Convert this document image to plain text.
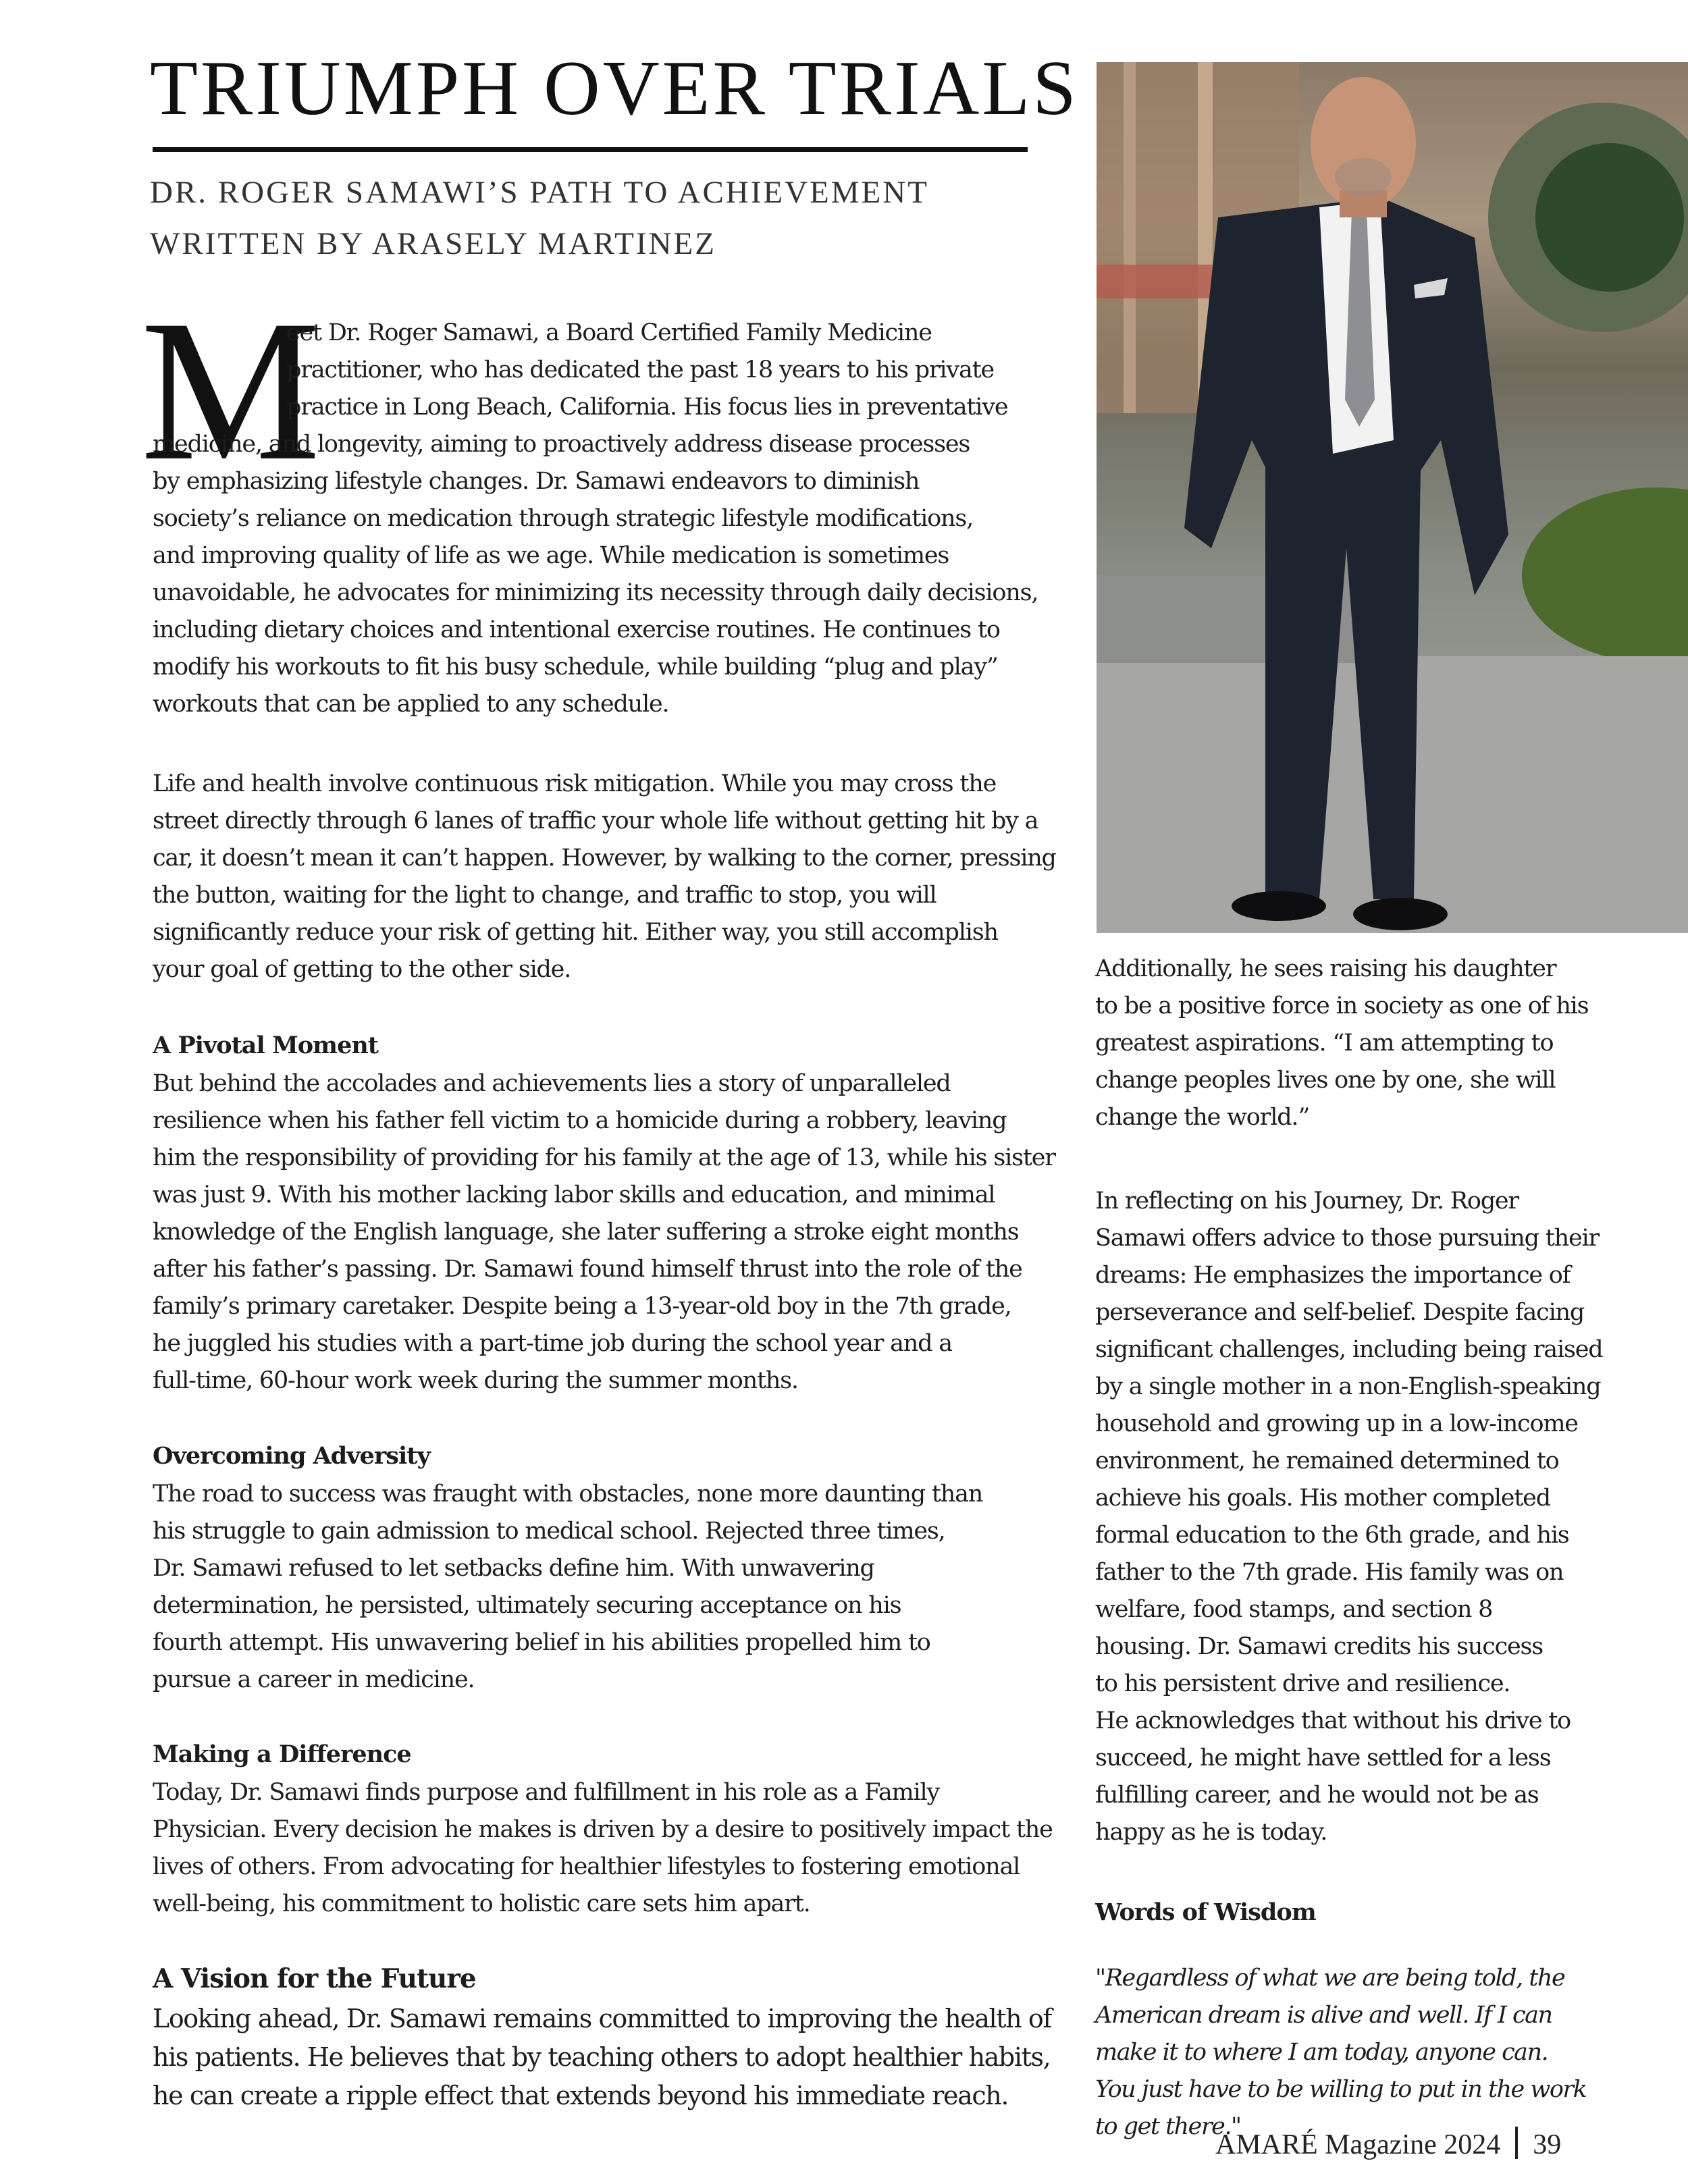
TRIUMPH OVER TRIALS

DR. ROGER SAMAWI’S PATH TO ACHIEVEMENT

WRITTEN BY ARASELY MARTINEZ

M

eet Dr. Roger Samawi, a Board Certified Family Medicine
practitioner, who has dedicated the past 18 years to his private
practice in Long Beach, California. His focus lies in preventative

medicine, and longevity, aiming to proactively address disease processes
by emphasizing lifestyle changes. Dr. Samawi endeavors to diminish
society’s reliance on medication through strategic lifestyle modifications,
and improving quality of life as we age. While medication is sometimes
unavoidable, he advocates for minimizing its necessity through daily decisions,
including dietary choices and intentional exercise routines. He continues to
modify his workouts to fit his busy schedule, while building “plug and play”
workouts that can be applied to any schedule.

Life and health involve continuous risk mitigation. While you may cross the
street directly through 6 lanes of traffic your whole life without getting hit by a
car, it doesn’t mean it can’t happen. However, by walking to the corner, pressing
the button, waiting for the light to change, and traffic to stop, you will
significantly reduce your risk of getting hit. Either way, you still accomplish
your goal of getting to the other side.

A Pivotal Moment

But behind the accolades and achievements lies a story of unparalleled
resilience when his father fell victim to a homicide during a robbery, leaving
him the responsibility of providing for his family at the age of 13, while his sister
was just 9. With his mother lacking labor skills and education, and minimal
knowledge of the English language, she later suffering a stroke eight months
after his father’s passing. Dr. Samawi found himself thrust into the role of the
family’s primary caretaker. Despite being a 13-year-old boy in the 7th grade,
he juggled his studies with a part-time job during the school year and a
full-time, 60-hour work week during the summer months.

Overcoming Adversity

The road to success was fraught with obstacles, none more daunting than
his struggle to gain admission to medical school. Rejected three times,
Dr. Samawi refused to let setbacks define him. With unwavering
determination, he persisted, ultimately securing acceptance on his
fourth attempt. His unwavering belief in his abilities propelled him to
pursue a career in medicine.

Making a Difference

Today, Dr. Samawi finds purpose and fulfillment in his role as a Family
Physician. Every decision he makes is driven by a desire to positively impact the
lives of others. From advocating for healthier lifestyles to fostering emotional
well-being, his commitment to holistic care sets him apart.

A Vision for the Future

Looking ahead, Dr. Samawi remains committed to improving the health of
his patients. He believes that by teaching others to adopt healthier habits,
he can create a ripple effect that extends beyond his immediate reach.

Additionally, he sees raising his daughter
to be a positive force in society as one of his
greatest aspirations. “I am attempting to
change peoples lives one by one, she will
change the world.”

In reflecting on his Journey, Dr. Roger
Samawi offers advice to those pursuing their
dreams: He emphasizes the importance of
perseverance and self-belief. Despite facing
significant challenges, including being raised
by a single mother in a non-English-speaking
household and growing up in a low-income
environment, he remained determined to
achieve his goals. His mother completed
formal education to the 6th grade, and his
father to the 7th grade. His family was on
welfare, food stamps, and section 8
housing. Dr. Samawi credits his success
to his persistent drive and resilience.
He acknowledges that without his drive to
succeed, he might have settled for a less
fulfilling career, and he would not be as
happy as he is today.

Words of Wisdom

"Regardless of what we are being told, the
American dream is alive and well. If I can
make it to where I am today, anyone can.
You just have to be willing to put in the work
to get there."

AMARÉ Magazine 2024 39
